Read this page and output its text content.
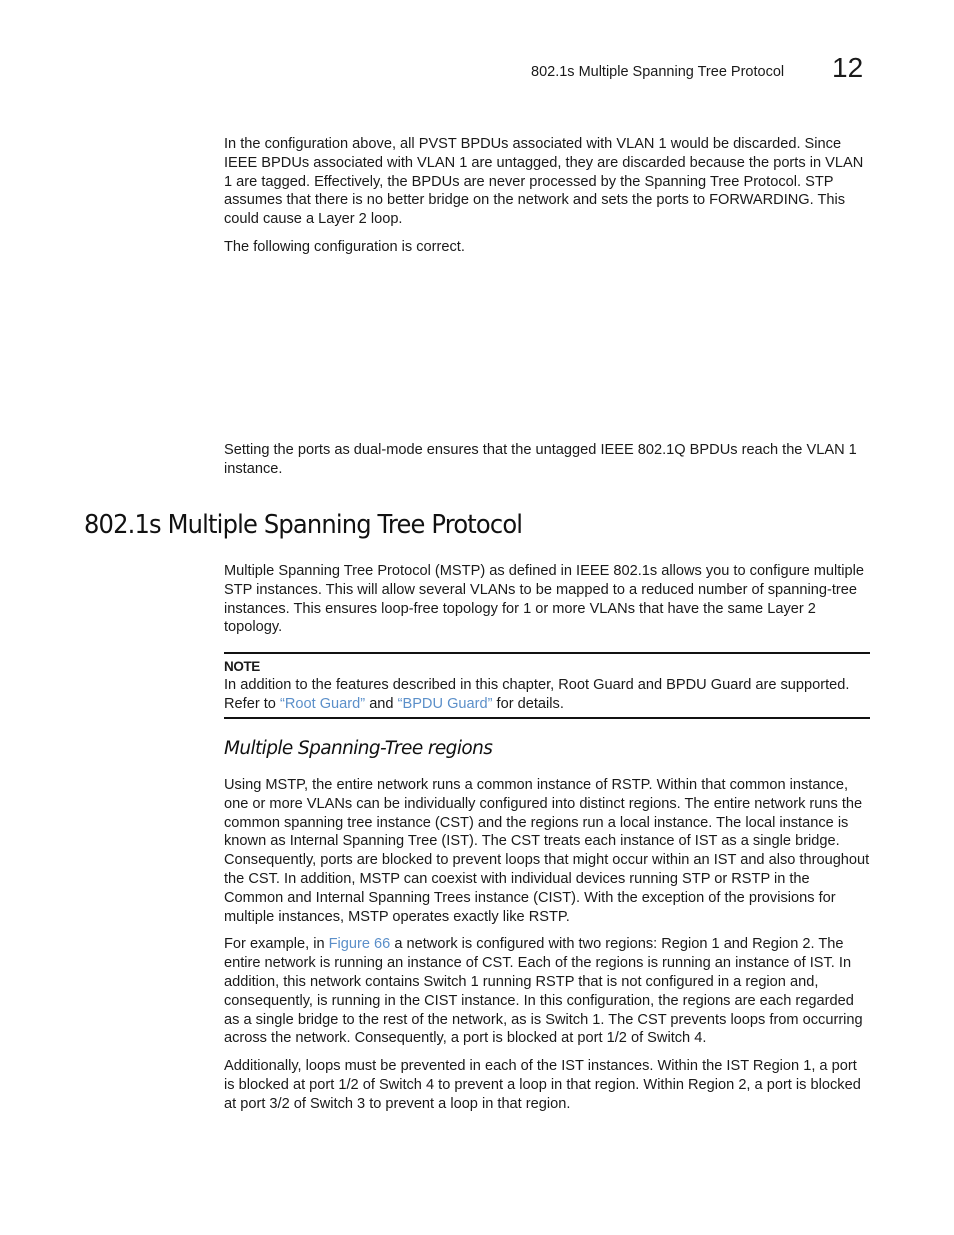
802.1s Multiple Spanning Tree Protocol 12

In the configuration above, all PVST BPDUs associated with VLAN 1 would be discarded. Since IEEE BPDUs associated with VLAN 1 are untagged, they are discarded because the ports in VLAN 1 are tagged. Effectively, the BPDUs are never processed by the Spanning Tree Protocol. STP assumes that there is no better bridge on the network and sets the ports to FORWARDING. This could cause a Layer 2 loop.

The following configuration is correct.

Setting the ports as dual-mode ensures that the untagged IEEE 802.1Q BPDUs reach the VLAN 1 instance.

802.1s Multiple Spanning Tree Protocol

Multiple Spanning Tree Protocol (MSTP) as defined in IEEE 802.1s allows you to configure multiple STP instances. This will allow several VLANs to be mapped to a reduced number of spanning-tree instances. This ensures loop-free topology for 1 or more VLANs that have the same Layer 2 topology.

NOTE
In addition to the features described in this chapter, Root Guard and BPDU Guard are supported. Refer to “Root Guard” and “BPDU Guard” for details.
Multiple Spanning-Tree regions

Using MSTP, the entire network runs a common instance of RSTP. Within that common instance, one or more VLANs can be individually configured into distinct regions. The entire network runs the common spanning tree instance (CST) and the regions run a local instance. The local instance is known as Internal Spanning Tree (IST). The CST treats each instance of IST as a single bridge. Consequently, ports are blocked to prevent loops that might occur within an IST and also throughout the CST. In addition, MSTP can coexist with individual devices running STP or RSTP in the Common and Internal Spanning Trees instance (CIST). With the exception of the provisions for multiple instances, MSTP operates exactly like RSTP.

For example, in Figure 66 a network is configured with two regions: Region 1 and Region 2. The entire network is running an instance of CST. Each of the regions is running an instance of IST. In addition, this network contains Switch 1 running RSTP that is not configured in a region and, consequently, is running in the CIST instance. In this configuration, the regions are each regarded as a single bridge to the rest of the network, as is Switch 1. The CST prevents loops from occurring across the network. Consequently, a port is blocked at port 1/2 of Switch 4.

Additionally, loops must be prevented in each of the IST instances. Within the IST Region 1, a port is blocked at port 1/2 of Switch 4 to prevent a loop in that region. Within Region 2, a port is blocked at port 3/2 of Switch 3 to prevent a loop in that region.
